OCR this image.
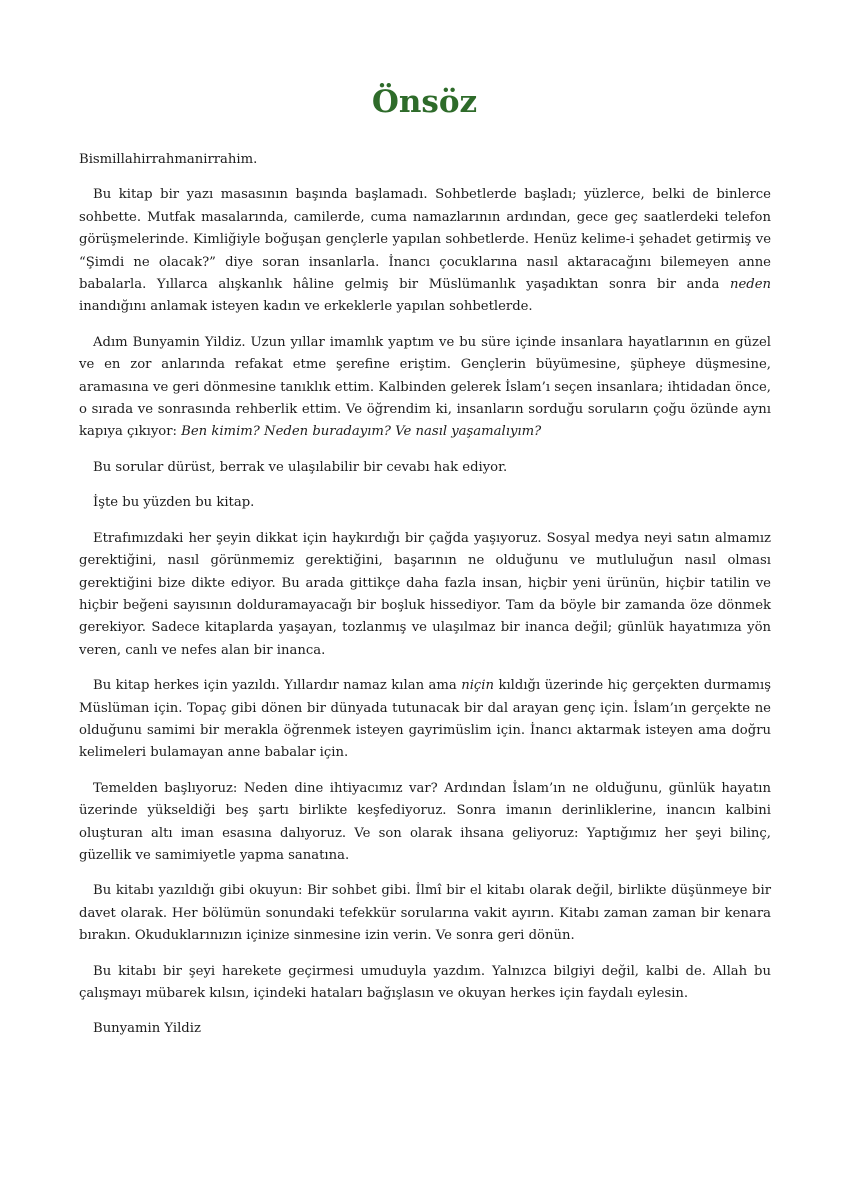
Önsöz

Bismillahirrahmanirrahim.

Bu kitap bir yazı masasının başında başlamadı. Sohbetlerde başladı; yüzlerce, belki de binlerce sohbette. Mutfak masalarında, camilerde, cuma namazlarının ardından, gece geç saatlerdeki telefon görüşmelerinde. Kimliğiyle boğuşan gençlerle yapılan sohbetlerde. Henüz kelime-i şehadet getirmiş ve “Şimdi ne olacak?” diye soran insanlarla. İnancı çocuklarına nasıl aktaracağını bilemeyen anne babalarla. Yıllarca alışkanlık hâline gelmiş bir Müslümanlık yaşadıktan sonra bir anda neden inandığını anlamak isteyen kadın ve erkeklerle yapılan sohbetlerde.

Adım Bunyamin Yildiz. Uzun yıllar imamlık yaptım ve bu süre içinde insanlara hayatlarının en güzel ve en zor anlarında refakat etme şerefine eriştim. Gençlerin büyümesine, şüpheye düşmesine, aramasına ve geri dönmesine tanıklık ettim. Kalbinden gelerek İslam’ı seçen insanlara; ihtidadan önce, o sırada ve sonrasında rehberlik ettim. Ve öğrendim ki, insanların sorduğu soruların çoğu özünde aynı kapıya çıkıyor: Ben kimim? Neden buradayım? Ve nasıl yaşamalıyım?

Bu sorular dürüst, berrak ve ulaşılabilir bir cevabı hak ediyor.

İşte bu yüzden bu kitap.

Etrafımızdaki her şeyin dikkat için haykırdığı bir çağda yaşıyoruz. Sosyal medya neyi satın almamız gerektiğini, nasıl görünmemiz gerektiğini, başarının ne olduğunu ve mutluluğun nasıl olması gerektiğini bize dikte ediyor. Bu arada gittikçe daha fazla insan, hiçbir yeni ürünün, hiçbir tatilin ve hiçbir beğeni sayısının dolduramayacağı bir boşluk hissediyor. Tam da böyle bir zamanda öze dönmek gerekiyor. Sadece kitaplarda yaşayan, tozlanmış ve ulaşılmaz bir inanca değil; günlük hayatımıza yön veren, canlı ve nefes alan bir inanca.

Bu kitap herkes için yazıldı. Yıllardır namaz kılan ama niçin kıldığı üzerinde hiç gerçekten durmamış Müslüman için. Topaç gibi dönen bir dünyada tutunacak bir dal arayan genç için. İslam’ın gerçekte ne olduğunu samimi bir merakla öğrenmek isteyen gayrimüslim için. İnancı aktarmak isteyen ama doğru kelimeleri bulamayan anne babalar için.

Temelden başlıyoruz: Neden dine ihtiyacımız var? Ardından İslam’ın ne olduğunu, günlük hayatın üzerinde yükseldiği beş şartı birlikte keşfediyoruz. Sonra imanın derinliklerine, inancın kalbini oluşturan altı iman esasına dalıyoruz. Ve son olarak ihsana geliyoruz: Yaptığımız her şeyi bilinç, güzellik ve samimiyetle yapma sanatına.

Bu kitabı yazıldığı gibi okuyun: Bir sohbet gibi. İlmî bir el kitabı olarak değil, birlikte düşünmeye bir davet olarak. Her bölümün sonundaki tefekkür sorularına vakit ayırın. Kitabı zaman zaman bir kenara bırakın. Okuduklarınızın içinize sinmesine izin verin. Ve sonra geri dönün.

Bu kitabı bir şeyi harekete geçirmesi umuduyla yazdım. Yalnızca bilgiyi değil, kalbi de. Allah bu çalışmayı mübarek kılsın, içindeki hataları bağışlasın ve okuyan herkes için faydalı eylesin.

Bunyamin Yildiz
